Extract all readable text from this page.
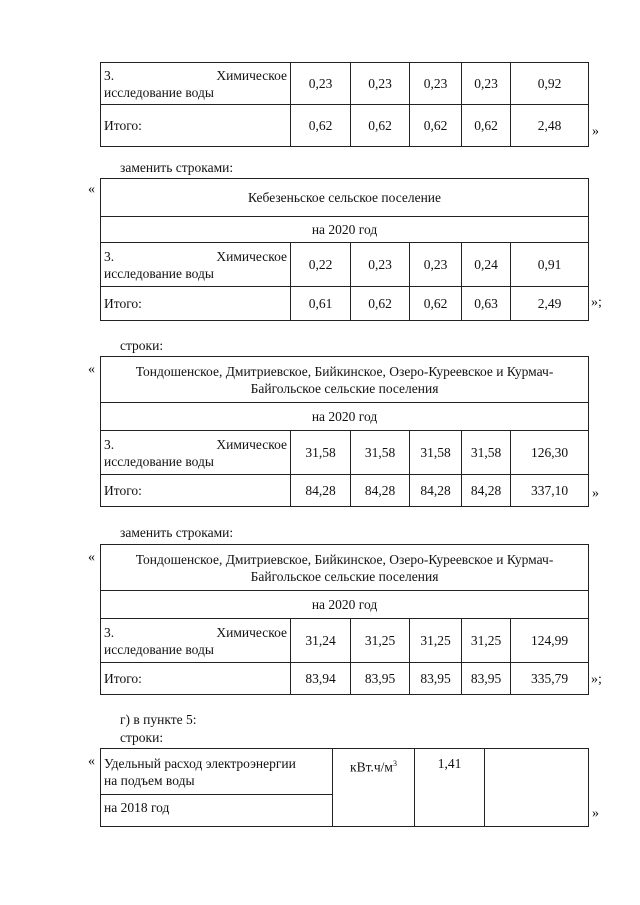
3. Химическое
исследование воды	0,23	0,23	0,23	0,23	0,92
Итого:	0,62	0,62	0,62	0,62	2,48 »
заменить строками:
«
Кебезеньское сельское поселение					
на 2020 год					

3. Химическое
исследование воды	0,22	0,23	0,23	0,24	0,91
Итого:	0,61	0,62	0,62	0,63	2,49 »;
строки:
«	Тондошенское, Дмитриевское, Бийкинское, Озеро-Куреевское и Курмач-
Байгольское сельские поселения					
на 2020 год					

3. Химическое
исследование воды	31,58	31,58	31,58	31,58	126,30
Итого:	84,28	84,28	84,28	84,28	337,10 »
заменить строками:
«	Тондошенское, Дмитриевское, Бийкинское, Озеро-Куреевское и Курмач-
Байгольское сельские поселения					
на 2020 год					

3. Химическое
исследование воды	31,24	31,25	31,25	31,25	124,99
Итого:	83,94	83,95	83,95	83,95	335,79 »;
г) в пункте 5:
строки:
« Удельный расход электроэнергии
на подъем воды	$кВт.ч/м^3$	1,41	
на 2018 год	»
